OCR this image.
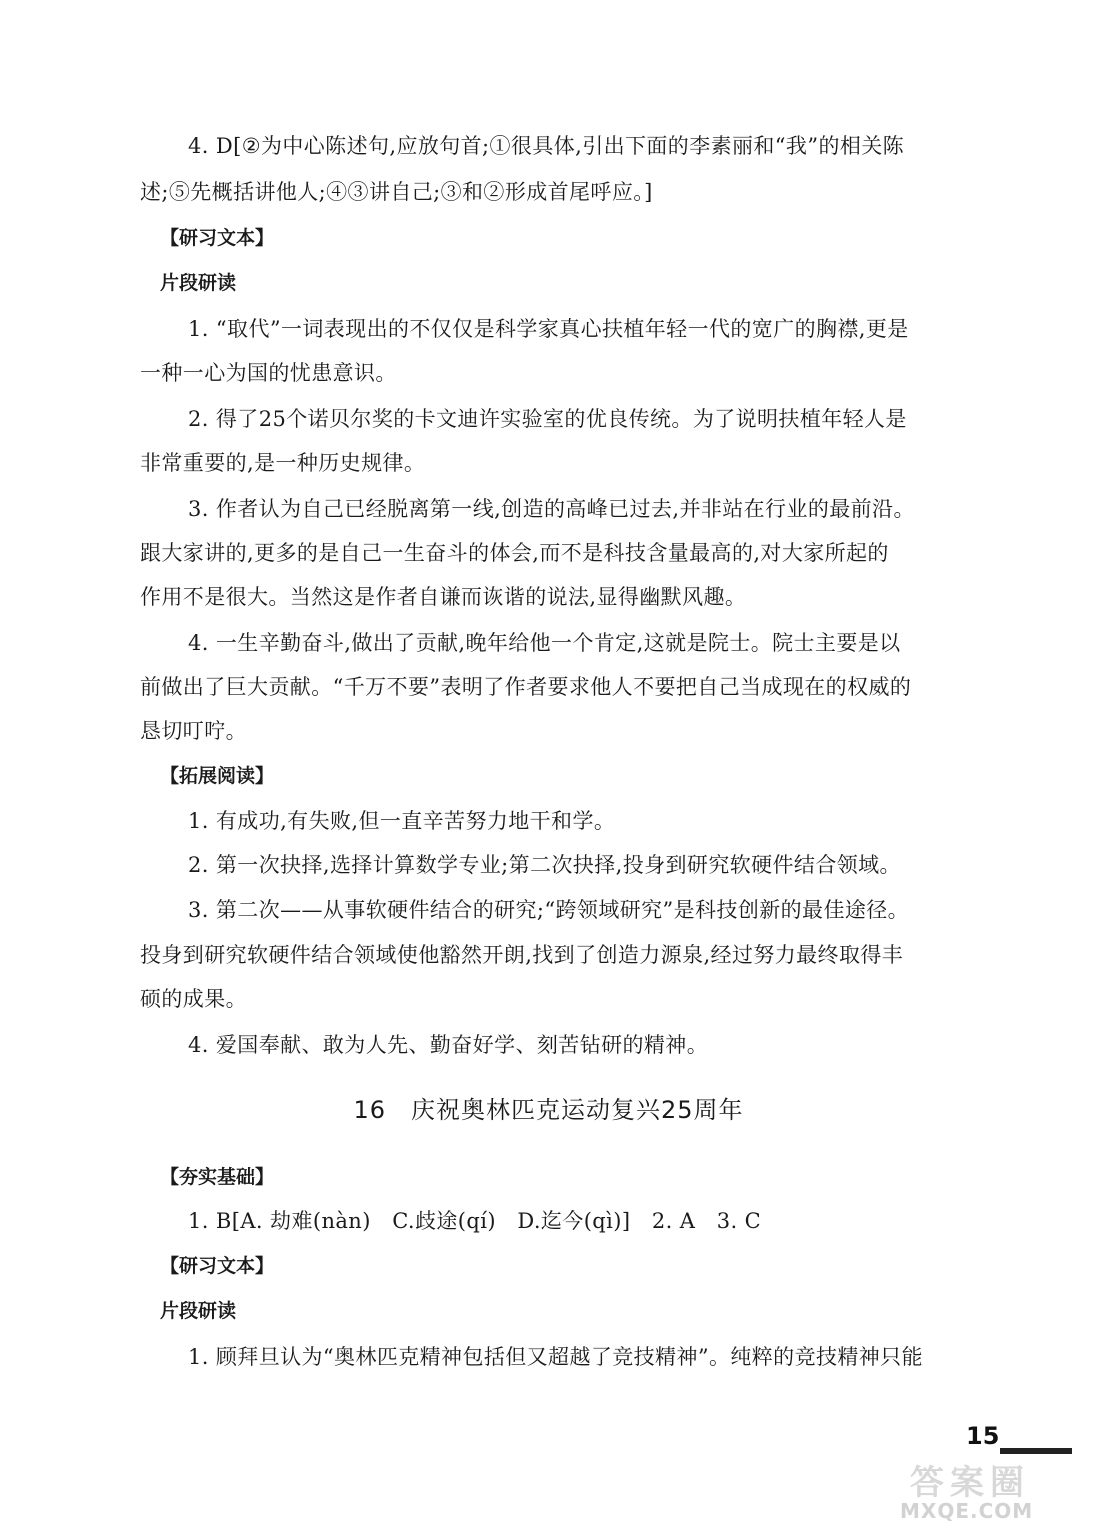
4. D[②为中心陈述句,应放句首;①很具体,引出下面的李素丽和“我”的相关陈
述;⑤先概括讲他人;④③讲自己;③和②形成首尾呼应。]
【研习文本】
片段研读
1. “取代”一词表现出的不仅仅是科学家真心扶植年轻一代的宽广的胸襟,更是
一种一心为国的忧患意识。
2. 得了25个诺贝尔奖的卡文迪许实验室的优良传统。为了说明扶植年轻人是
非常重要的,是一种历史规律。
3. 作者认为自己已经脱离第一线,创造的高峰已过去,并非站在行业的最前沿。
跟大家讲的,更多的是自己一生奋斗的体会,而不是科技含量最高的,对大家所起的
作用不是很大。当然这是作者自谦而诙谐的说法,显得幽默风趣。
4. 一生辛勤奋斗,做出了贡献,晚年给他一个肯定,这就是院士。院士主要是以
前做出了巨大贡献。“千万不要”表明了作者要求他人不要把自己当成现在的权威的
恳切叮咛。
【拓展阅读】
1. 有成功,有失败,但一直辛苦努力地干和学。
2. 第一次抉择,选择计算数学专业;第二次抉择,投身到研究软硬件结合领域。
3. 第二次——从事软硬件结合的研究;“跨领域研究”是科技创新的最佳途径。
投身到研究软硬件结合领域使他豁然开朗,找到了创造力源泉,经过努力最终取得丰
硕的成果。
4. 爱国奉献、敢为人先、勤奋好学、刻苦钻研的精神。
16　庆祝奥林匹克运动复兴25周年
【夯实基础】
1. B[A. 劫难(nàn)　C.歧途(qí)　D.迄今(qì)]　2. A　3. C
【研习文本】
片段研读
1. 顾拜旦认为“奥林匹克精神包括但又超越了竞技精神”。纯粹的竞技精神只能
15
答案圈
MXQE.COM
